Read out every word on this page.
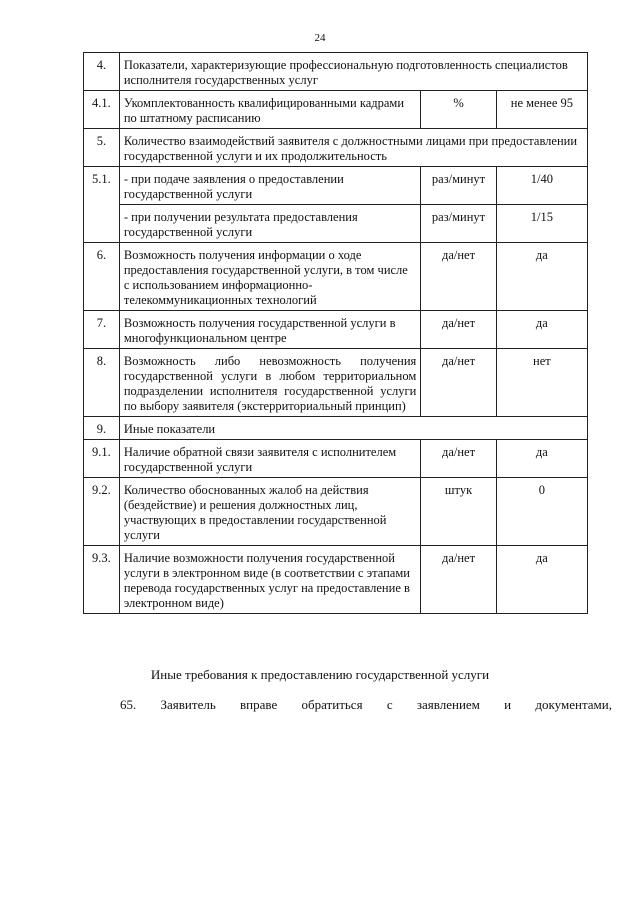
24
4.	Показатели, характеризующие профессиональную подготовленность специалистов исполнителя государственных услуг		
4.1.	Укомплектованность квалифицированными кадрами по штатному расписанию	%	не менее 95
5.	Количество взаимодействий заявителя с должностными лицами при предоставлении государственной услуги и их продолжительность		
5.1.	- при подаче заявления о предоставлении государственной услуги	раз/минут	1/40
	- при получении результата предоставления государственной услуги	раз/минут	1/15
6.	Возможность получения информации о ходе предоставления государственной услуги, в том числе с использованием информационно-телекоммуникационных технологий	да/нет	да
7.	Возможность получения государственной услуги в многофункциональном центре	да/нет	да
8.	Возможность либо невозможность получения государственной услуги в любом территориальном подразделении исполнителя государственной услуги по выбору заявителя (экстерриториальный принцип)	да/нет	нет
9.	Иные показатели		
9.1.	Наличие обратной связи заявителя с исполнителем государственной услуги	да/нет	да
9.2.	Количество обоснованных жалоб на действия (бездействие) и решения должностных лиц, участвующих в предоставлении государственной услуги	штук	0
9.3.	Наличие возможности получения государственной услуги в электронном виде (в соответствии с этапами перевода государственных услуг на предоставление в электронном виде)	да/нет	да
Иные требования к предоставлению государственной услуги
65. Заявитель вправе обратиться с заявлением и документами,
